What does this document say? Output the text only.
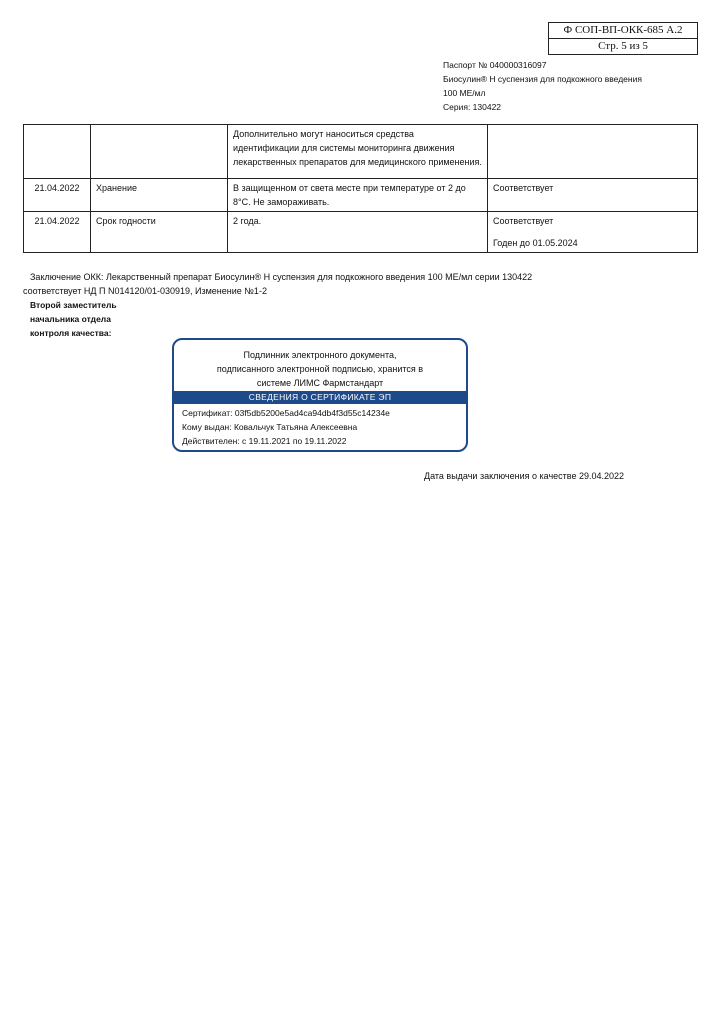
Ф СОП-ВП-ОКК-685 А.2
Стр. 5 из 5
Паспорт № 040000316097
Биосулин® Н суспензия для подкожного введения
100 МЕ/мл
Серия: 130422
		Дополнительно могут наноситься средства идентификации для системы мониторинга движения лекарственных препаратов для медицинского применения.	
21.04.2022	Хранение	В защищенном от света месте при температуре от 2 до 8°С. Не замораживать.	Соответствует
21.04.2022	Срок годности	2 года.	Соответствует
Годен до 01.05.2024
Заключение ОКК: Лекарственный препарат Биосулин® Н суспензия для подкожного введения 100 МЕ/мл серии 130422
соответствует НД П N014120/01-030919, Изменение №1-2
Второй заместитель
начальника отдела
контроля качества:
Подлинник электронного документа,
подписанного электронной подписью, хранится в
системе ЛИМС Фармстандарт
СВЕДЕНИЯ О СЕРТИФИКАТЕ ЭП
Сертификат: 03f5db5200e5ad4ca94db4f3d55c14234e
Кому выдан: Ковальчук Татьяна Алексеевна
Действителен: с 19.11.2021 по 19.11.2022
Дата выдачи заключения о качестве 29.04.2022
